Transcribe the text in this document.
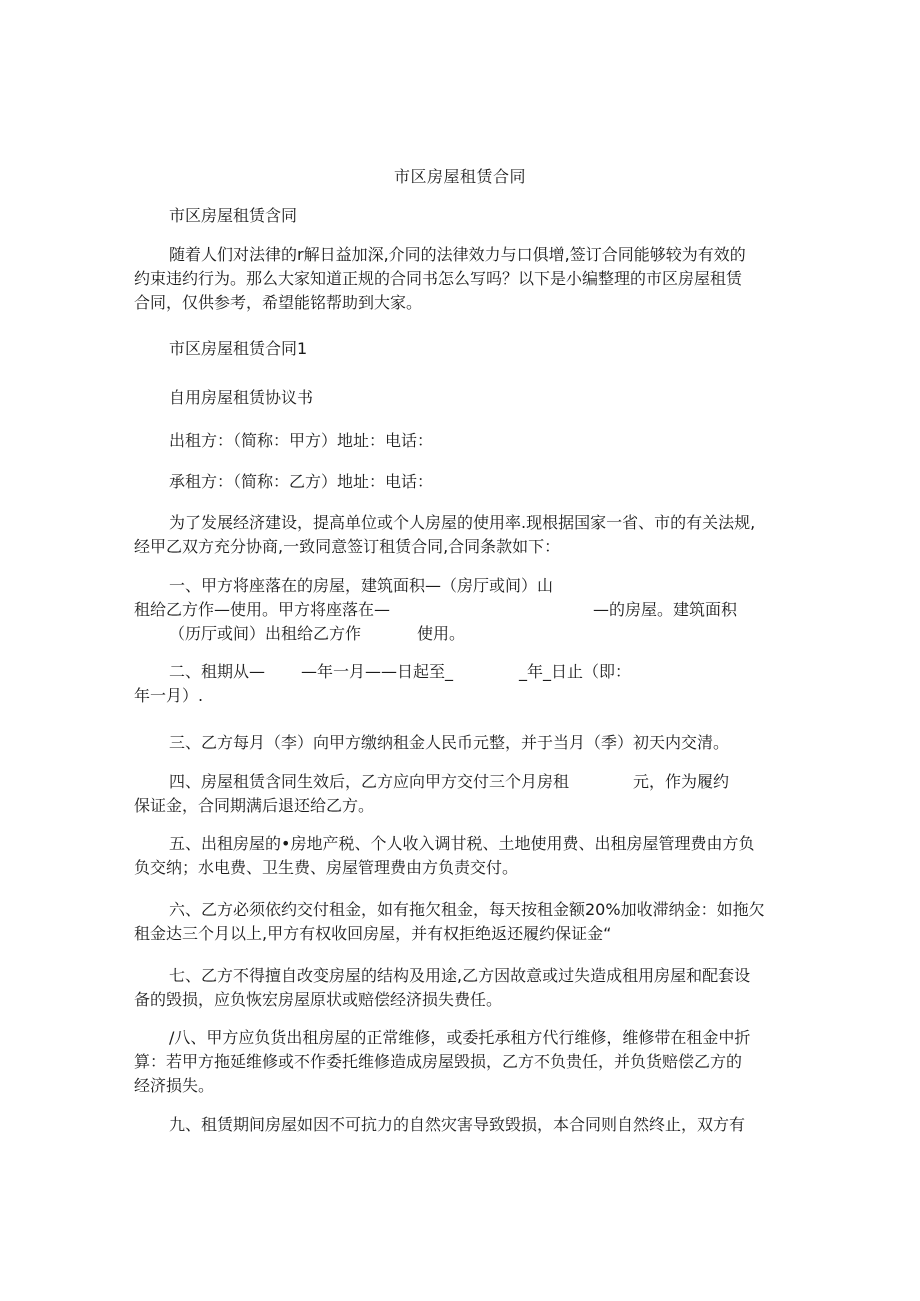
市区房屋租赁合同

市区房屋租赁含同

随着人们对法律的r解日益加深,介同的法律效力与口俱增,签订合同能够较为有效的
约束违约行为。那么大家知道正规的合同书怎么写吗？以下是小编整理的市区房屋租赁
合同，仅供参考，希望能铭帮助到大家。

市区房屋租赁合同1

自用房屋租赁协议书

出租方：（简称：甲方）地址：电话：

承租方：（简称：乙方）地址：电话：

为了发展经济建设，提高单位或个人房屋的使用率.现根据国家一省、市的有关法规,
经甲乙双方充分协商,一致同意签订租赁合同,合同条款如下：

一、甲方将座落在的房屋，建筑面积—（房厅或间）山
租给乙方作—使用。甲方将座落在—	—的房屋。建筑面积
（历厅或间）出租给乙方作	使用。

二、租期从— —年一月——日起至_	_年_日止（即：
年一月）.

三、乙方每月（李）向甲方缴纳租金人民币元整，并于当月（季）初天内交清。

四、房屋租赁含同生效后，乙方应向甲方交付三个月房租	元，作为履约
保证金，合同期满后退还给乙方。

五、出租房屋的•房地产税、个人收入调甘税、土地使用费、出租房屋管理费由方负
负交纳；水电费、卫生费、房屋管理费由方负责交付。

六、乙方必须依约交付租金，如有拖欠租金，每天按租金额20%加收滞纳金：如拖欠
租金达三个月以上,甲方有权收回房屋，并有权拒绝返还履约保证金“

七、乙方不得擅自改变房屋的结构及用途,乙方因故意或过失造成租用房屋和配套设
备的毁损，应负恢宏房屋原状或赔偿经济损失费任。

/八、甲方应负货出租房屋的正常维修，或委托承租方代行维修，维修带在租金中折
算：若甲方拖延维修或不作委托维修造成房屋毁损，乙方不负贵任，并负货赔偿乙方的
经济损失。

九、租赁期间房屋如因不可抗力的自然灾害导致毁损，本合同则自然终止，双方有
